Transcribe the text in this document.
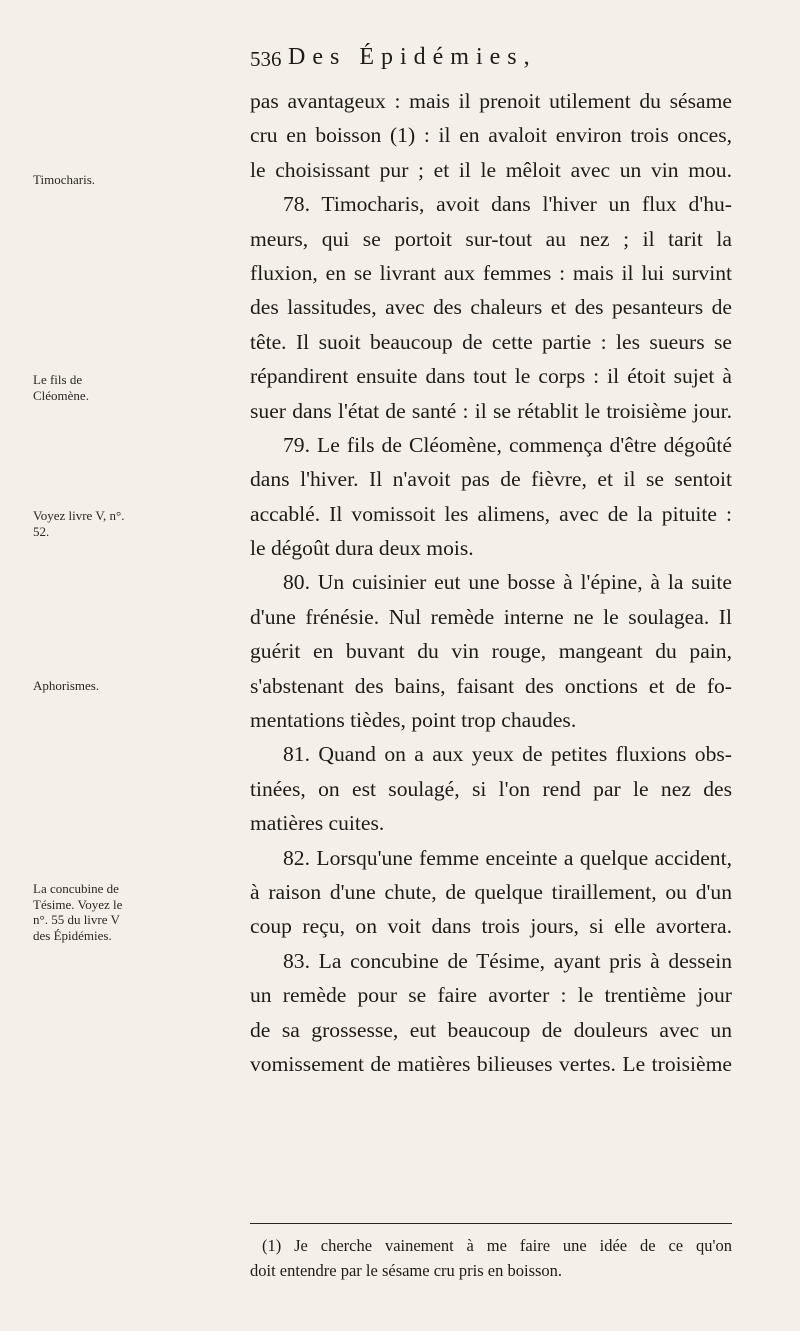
536 Des Épidémies,
Timocharis.
Le fils de Cléomène.
Voyez livre V, n°. 52.
Aphorismes.
La concubine de Tésime. Voyez le n°. 55 du livre V des Épidémies.
pas avantageux : mais il prenoit utilement du sésame
cru en boisson (1) : il en avaloit environ trois onces,
le choisissant pur ; et il le mêloit avec un vin mou.
78. Timocharis, avoit dans l'hiver un flux d'hu-
meurs, qui se portoit sur-tout au nez ; il tarit la
fluxion, en se livrant aux femmes : mais il lui survint
des lassitudes, avec des chaleurs et des pesanteurs de
tête. Il suoit beaucoup de cette partie : les sueurs se
répandirent ensuite dans tout le corps : il étoit sujet à
suer dans l'état de santé : il se rétablit le troisième jour.
79. Le fils de Cléomène, commença d'être dégoûté
dans l'hiver. Il n'avoit pas de fièvre, et il se sentoit
accablé. Il vomissoit les alimens, avec de la pituite :
le dégoût dura deux mois.
80. Un cuisinier eut une bosse à l'épine, à la suite
d'une frénésie. Nul remède interne ne le soulagea. Il
guérit en buvant du vin rouge, mangeant du pain,
s'abstenant des bains, faisant des onctions et de fo-
mentations tièdes, point trop chaudes.
81. Quand on a aux yeux de petites fluxions obs-
tinées, on est soulagé, si l'on rend par le nez des
matières cuites.
82. Lorsqu'une femme enceinte a quelque accident,
à raison d'une chute, de quelque tiraillement, ou d'un
coup reçu, on voit dans trois jours, si elle avortera.
83. La concubine de Tésime, ayant pris à dessein
un remède pour se faire avorter : le trentième jour
de sa grossesse, eut beaucoup de douleurs avec un
vomissement de matières bilieuses vertes. Le troisième
(1) Je cherche vainement à me faire une idée de ce qu'on
doit entendre par le sésame cru pris en boisson.
